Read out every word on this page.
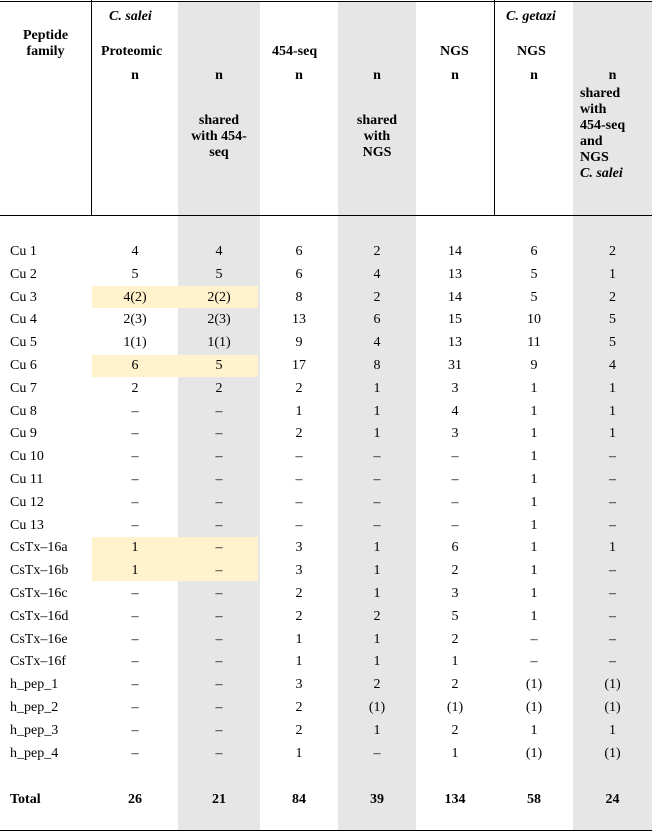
Peptide
family
C. salei	C. getazi
Proteomic	454-seq	NGS	NGS
n	n	n	n	n	n	n
shared
with 454-
seq
shared
with
NGS
shared
with
454-seq
and
NGS
C. salei
Cu 1	4	4	6	2	14	6	2
Cu 2	5	5	6	4	13	5	1
Cu 3	4(2)	2(2)	8	2	14	5	2
Cu 4	2(3)	2(3)	13	6	15	10	5
Cu 5	1(1)	1(1)	9	4	13	11	5
Cu 6	6	5	17	8	31	9	4
Cu 7	2	2	2	1	3	1	1
Cu 8	–	–	1	1	4	1	1
Cu 9	–	–	2	1	3	1	1
Cu 10	–	–	–	–	–	1	–
Cu 11	–	–	–	–	–	1	–
Cu 12	–	–	–	–	–	1	–
Cu 13	–	–	–	–	–	1	–
CsTx–16a	1	–	3	1	6	1	1
CsTx–16b	1	–	3	1	2	1	–
CsTx–16c	–	–	2	1	3	1	–
CsTx–16d	–	–	2	2	5	1	–
CsTx–16e	–	–	1	1	2	–	–
CsTx–16f	–	–	1	1	1	–	–
h_pep_1	–	–	3	2	2	(1)	(1)
h_pep_2	–	–	2	(1)	(1)	(1)	(1)
h_pep_3	–	–	2	1	2	1	1
h_pep_4	–	–	1	–	1	(1)	(1)
Total	26	21	84	39	134	58	24
